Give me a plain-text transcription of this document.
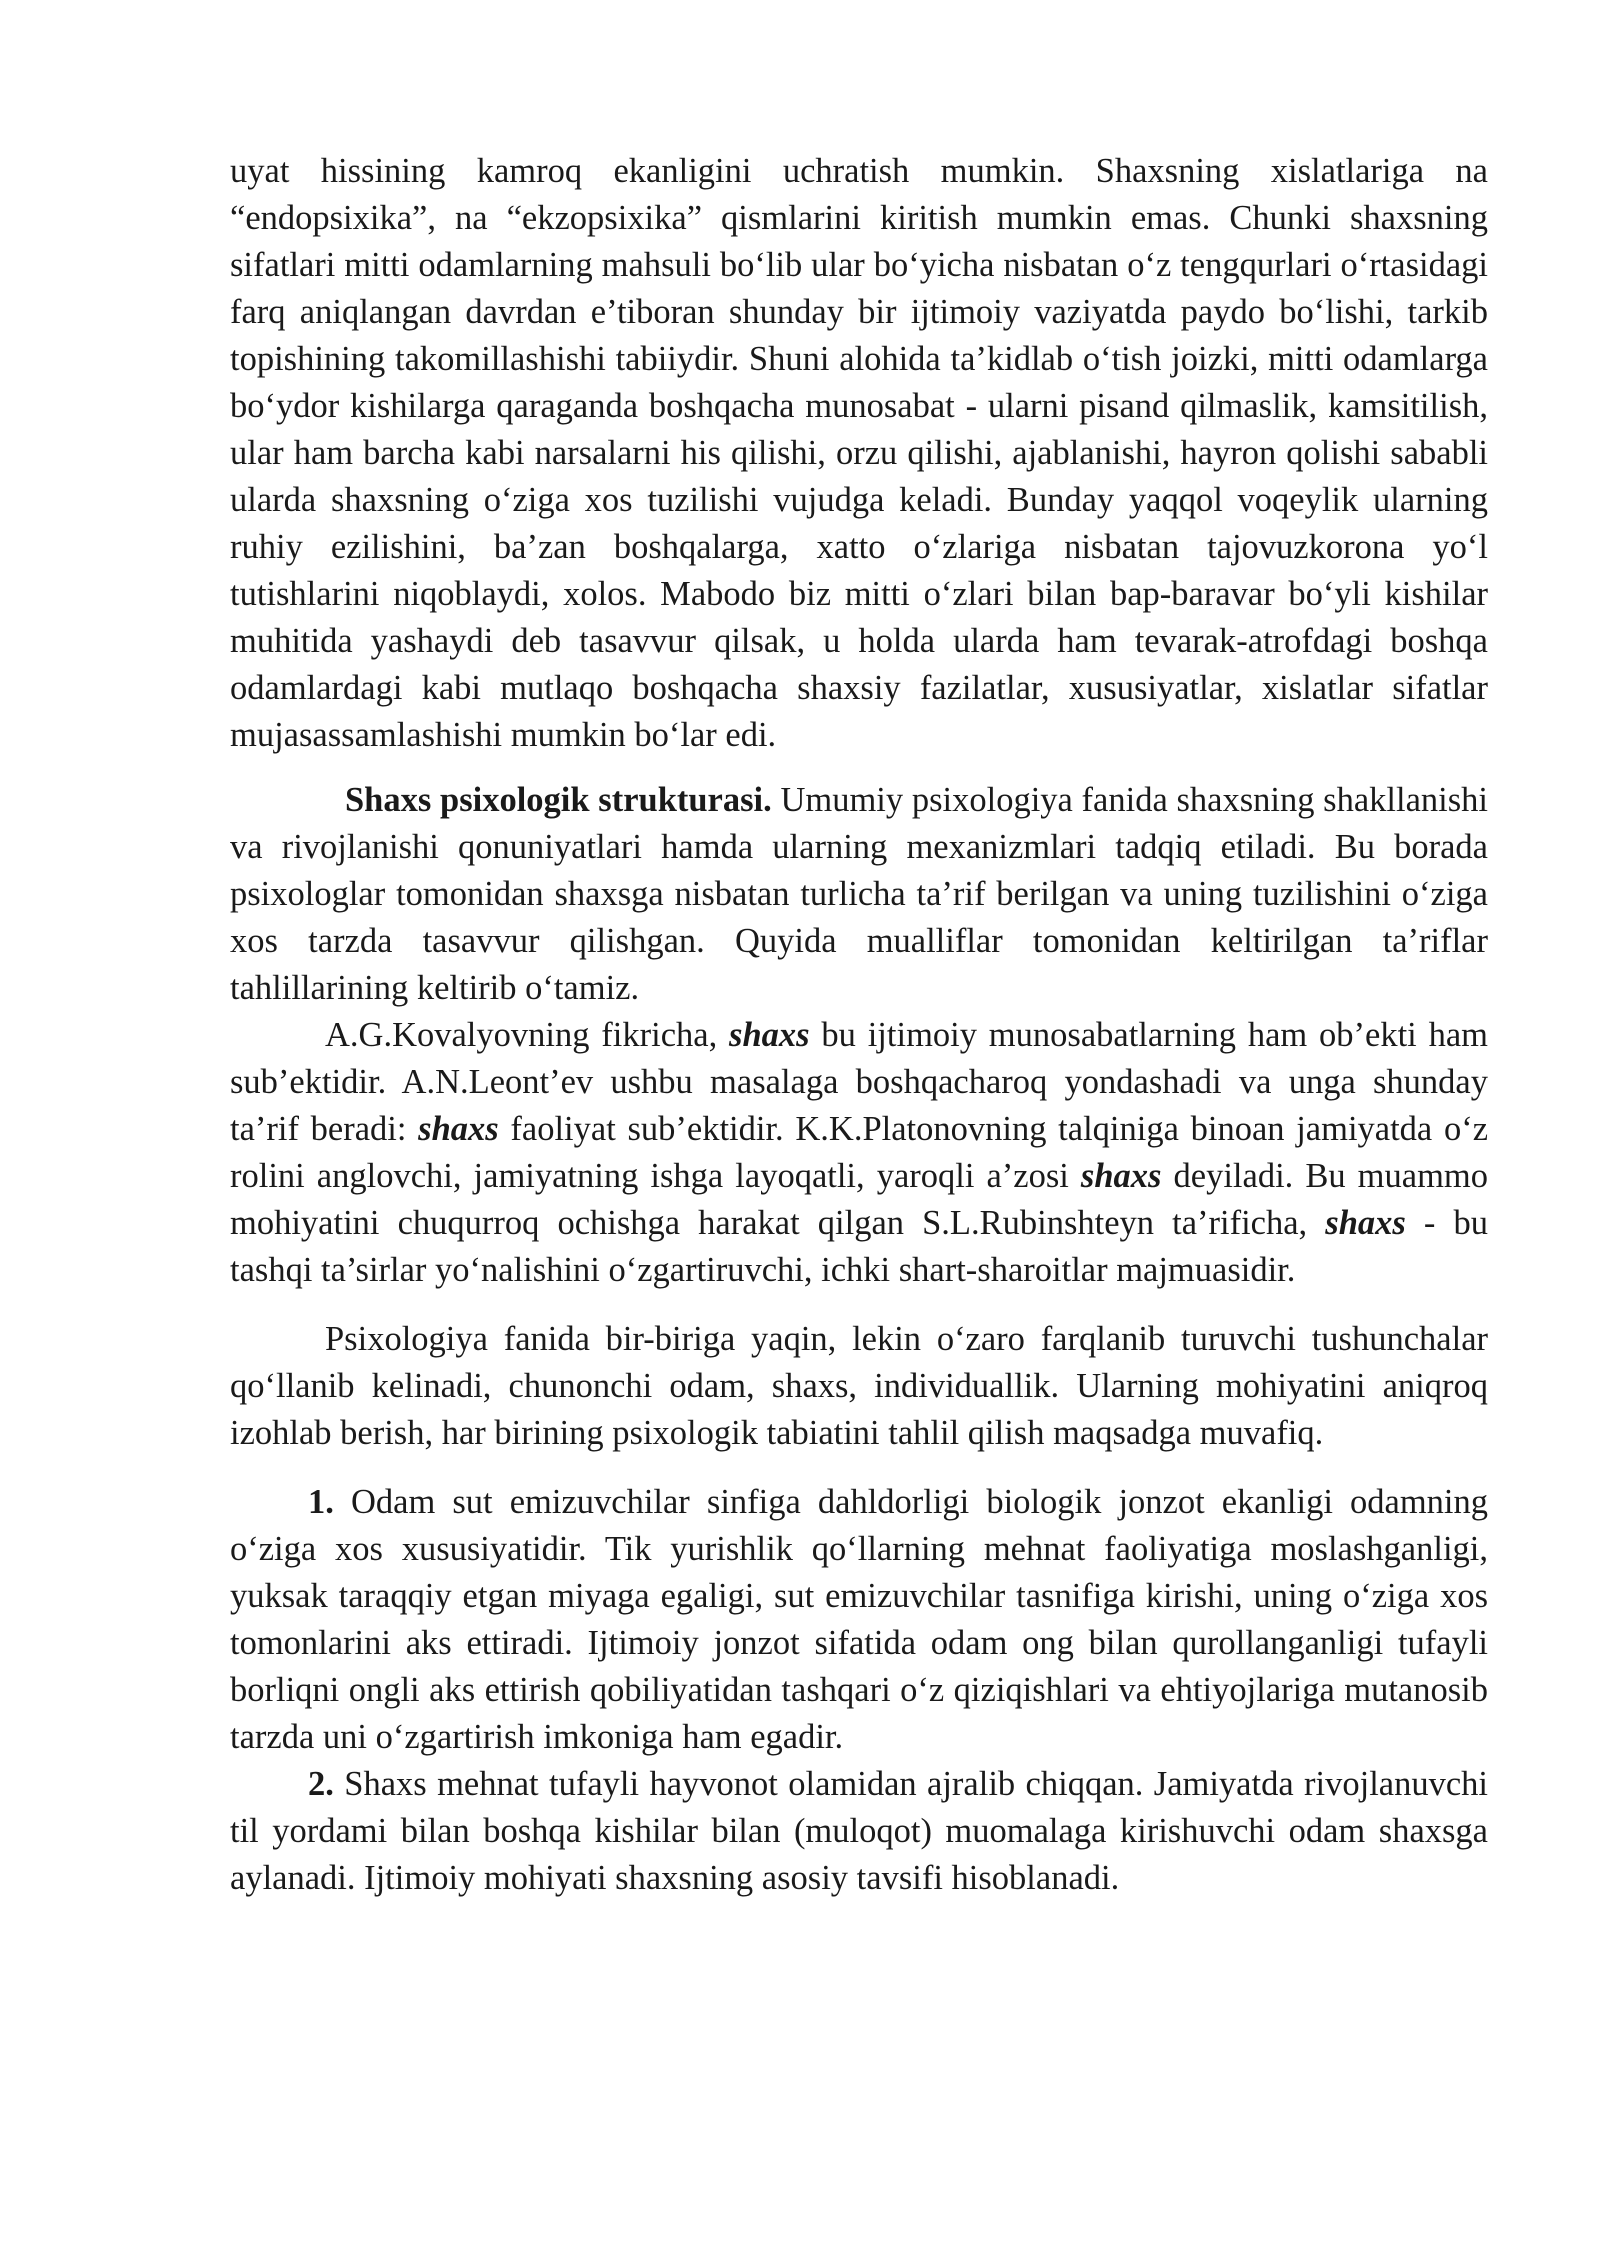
uyat hissining kamroq ekanligini uchratish mumkin. Shaxsning xislatlariga na “endopsixika”, na “ekzopsixika” qismlarini kiritish mumkin emas. Chunki shaxsning sifatlari mitti odamlarning mahsuli bo‘lib ular bo‘yicha nisbatan o‘z tengqurlari o‘rtasidagi farq aniqlangan davrdan e’tiboran shunday bir ijtimoiy vaziyatda paydo bo‘lishi, tarkib topishining takomillashishi tabiiydir. Shuni alohida ta’kidlab o‘tish joizki, mitti odamlarga bo‘ydor kishilarga qaraganda boshqacha munosabat - ularni pisand qilmaslik, kamsitilish, ular ham barcha kabi narsalarni his qilishi, orzu qilishi, ajablanishi, hayron qolishi sababli ularda shaxsning o‘ziga xos tuzilishi vujudga keladi. Bunday yaqqol voqeylik ularning ruhiy ezilishini, ba’zan boshqalarga, xatto o‘zlariga nisbatan tajovuzkorona yo‘l tutishlarini niqoblaydi, xolos. Mabodo biz mitti o‘zlari bilan bap-baravar bo‘yli kishilar muhitida yashaydi deb tasavvur qilsak, u holda ularda ham tevarak-atrofdagi boshqa odamlardagi kabi mutlaqo boshqacha shaxsiy fazilatlar, xususiyatlar, xislatlar sifatlar mujasassamlashishi mumkin bo‘lar edi.

Shaxs psixologik strukturasi. Umumiy psixologiya fanida shaxsning shakllanishi va rivojlanishi qonuniyatlari hamda ularning mexanizmlari tadqiq etiladi. Bu borada psixologlar tomonidan shaxsga nisbatan turlicha ta’rif berilgan va uning tuzilishini o‘ziga xos tarzda tasavvur qilishgan. Quyida mualliflar tomonidan keltirilgan ta’riflar tahlillarining keltirib o‘tamiz.

A.G.Kovalyovning fikricha, shaxs bu ijtimoiy munosabatlarning ham ob’ekti ham sub’ektidir. A.N.Leont’ev ushbu masalaga boshqacharoq yondashadi va unga shunday ta’rif beradi: shaxs faoliyat sub’ektidir. K.K.Platonovning talqiniga binoan jamiyatda o‘z rolini anglovchi, jamiyatning ishga layoqatli, yaroqli a’zosi shaxs deyiladi. Bu muammo mohiyatini chuqurroq ochishga harakat qilgan S.L.Rubinshteyn ta’rificha, shaxs - bu tashqi ta’sirlar yo‘nalishini o‘zgartiruvchi, ichki shart-sharoitlar majmuasidir.

Psixologiya fanida bir-biriga yaqin, lekin o‘zaro farqlanib turuvchi tushunchalar qo‘llanib kelinadi, chunonchi odam, shaxs, individuallik. Ularning mohiyatini aniqroq izohlab berish, har birining psixologik tabiatini tahlil qilish maqsadga muvafiq.

1. Odam sut emizuvchilar sinfiga dahldorligi biologik jonzot ekanligi odamning o‘ziga xos xususiyatidir. Tik yurishlik qo‘llarning mehnat faoliyatiga moslashganligi, yuksak taraqqiy etgan miyaga egaligi, sut emizuvchilar tasnifiga kirishi, uning o‘ziga xos tomonlarini aks ettiradi. Ijtimoiy jonzot sifatida odam ong bilan qurollanganligi tufayli borliqni ongli aks ettirish qobiliyatidan tashqari o‘z qiziqishlari va ehtiyojlariga mutanosib tarzda uni o‘zgartirish imkoniga ham egadir.

2. Shaxs mehnat tufayli hayvonot olamidan ajralib chiqqan. Jamiyatda rivojlanuvchi til yordami bilan boshqa kishilar bilan (muloqot) muomalaga kirishuvchi odam shaxsga aylanadi. Ijtimoiy mohiyati shaxsning asosiy tavsifi hisoblanadi.
